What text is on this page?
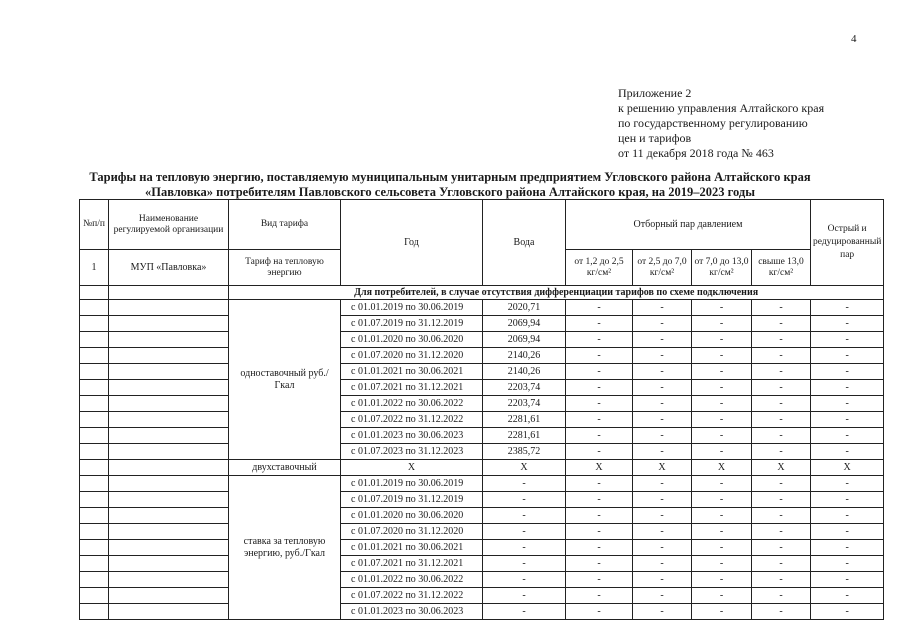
4
Приложение 2
к решению управления Алтайского края
по государственному регулированию
цен и тарифов
от 11 декабря 2018 года № 463
Тарифы на тепловую энергию, поставляемую муниципальным унитарным предприятием Угловского района Алтайского края
«Павловка» потребителям Павловского сельсовета Угловского района Алтайского края, на 2019–2023 годы
№п/п	Наименование регулируемой организации	Вид тарифа	Год	Вода	Отборный пар давлением				Острый и редуцированный пар
1	МУП «Павловка»	Тариф на тепловую энергию			от 1,2 до 2,5 кг/см²	от 2,5 до 7,0 кг/см²	от 7,0 до 13,0 кг/см²	свыше 13,0 кг/см²	
		Для потребителей, в случае отсутствия дифференциации тарифов по схеме подключения							
		одноставочный руб./Гкал	с 01.01.2019 по 30.06.2019	2020,71	-	-	-	-	-
			с 01.07.2019 по 31.12.2019	2069,94	-	-	-	-	-
			с 01.01.2020 по 30.06.2020	2069,94	-	-	-	-	-
			с 01.07.2020 по 31.12.2020	2140,26	-	-	-	-	-
			с 01.01.2021 по 30.06.2021	2140,26	-	-	-	-	-
			с 01.07.2021 по 31.12.2021	2203,74	-	-	-	-	-
			с 01.01.2022 по 30.06.2022	2203,74	-	-	-	-	-
			с 01.07.2022 по 31.12.2022	2281,61	-	-	-	-	-
			с 01.01.2023 по 30.06.2023	2281,61	-	-	-	-	-
			с 01.07.2023 по 31.12.2023	2385,72	-	-	-	-	-
		двухставочный	X	X	X	X	X	X	X
		ставка за тепловую энергию, руб./Гкал	с 01.01.2019 по 30.06.2019	-	-	-	-	-	-
			с 01.07.2019 по 31.12.2019	-	-	-	-	-	-
			с 01.01.2020 по 30.06.2020	-	-	-	-	-	-
			с 01.07.2020 по 31.12.2020	-	-	-	-	-	-
			с 01.01.2021 по 30.06.2021	-	-	-	-	-	-
			с 01.07.2021 по 31.12.2021	-	-	-	-	-	-
			с 01.01.2022 по 30.06.2022	-	-	-	-	-	-
			с 01.07.2022 по 31.12.2022	-	-	-	-	-	-
			с 01.01.2023 по 30.06.2023	-	-	-	-	-	-
